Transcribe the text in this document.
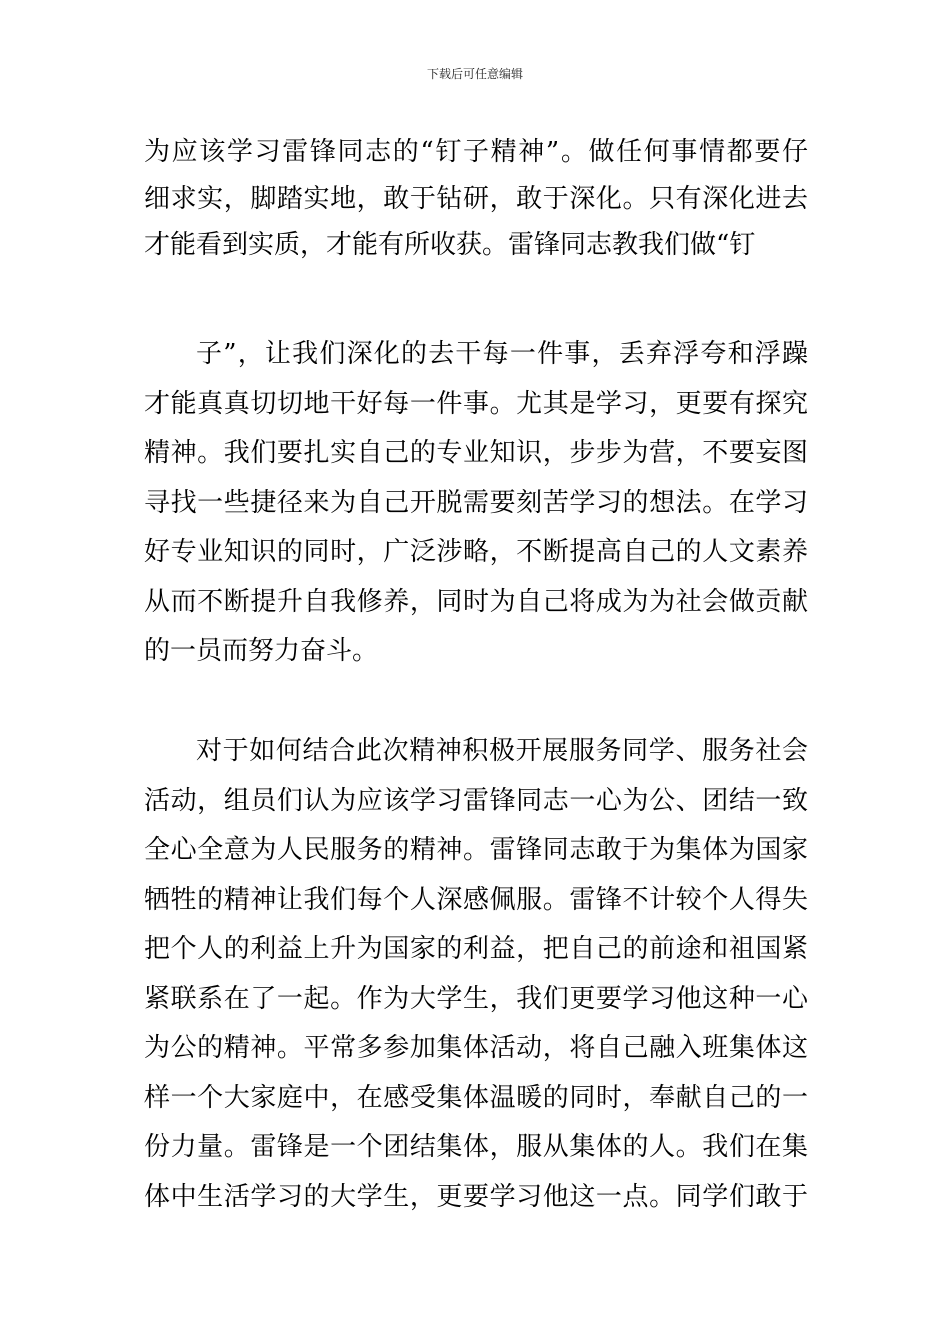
下载后可任意编辑
为应该学习雷锋同志的“钉子精神”。做任何事情都要仔
细求实，脚踏实地，敢于钻研，敢于深化。只有深化进去
才能看到实质，才能有所收获。雷锋同志教我们做“钉
子”，让我们深化的去干每一件事，丢弃浮夸和浮躁
才能真真切切地干好每一件事。尤其是学习，更要有探究
精神。我们要扎实自己的专业知识，步步为营，不要妄图
寻找一些捷径来为自己开脱需要刻苦学习的想法。在学习
好专业知识的同时，广泛涉略，不断提高自己的人文素养
从而不断提升自我修养，同时为自己将成为为社会做贡献
的一员而努力奋斗。
对于如何结合此次精神积极开展服务同学、服务社会
活动，组员们认为应该学习雷锋同志一心为公、团结一致
全心全意为人民服务的精神。雷锋同志敢于为集体为国家
牺牲的精神让我们每个人深感佩服。雷锋不计较个人得失
把个人的利益上升为国家的利益，把自己的前途和祖国紧
紧联系在了一起。作为大学生，我们更要学习他这种一心
为公的精神。平常多参加集体活动，将自己融入班集体这
样一个大家庭中，在感受集体温暖的同时，奉献自己的一
份力量。雷锋是一个团结集体，服从集体的人。我们在集
体中生活学习的大学生，更要学习他这一点。同学们敢于
